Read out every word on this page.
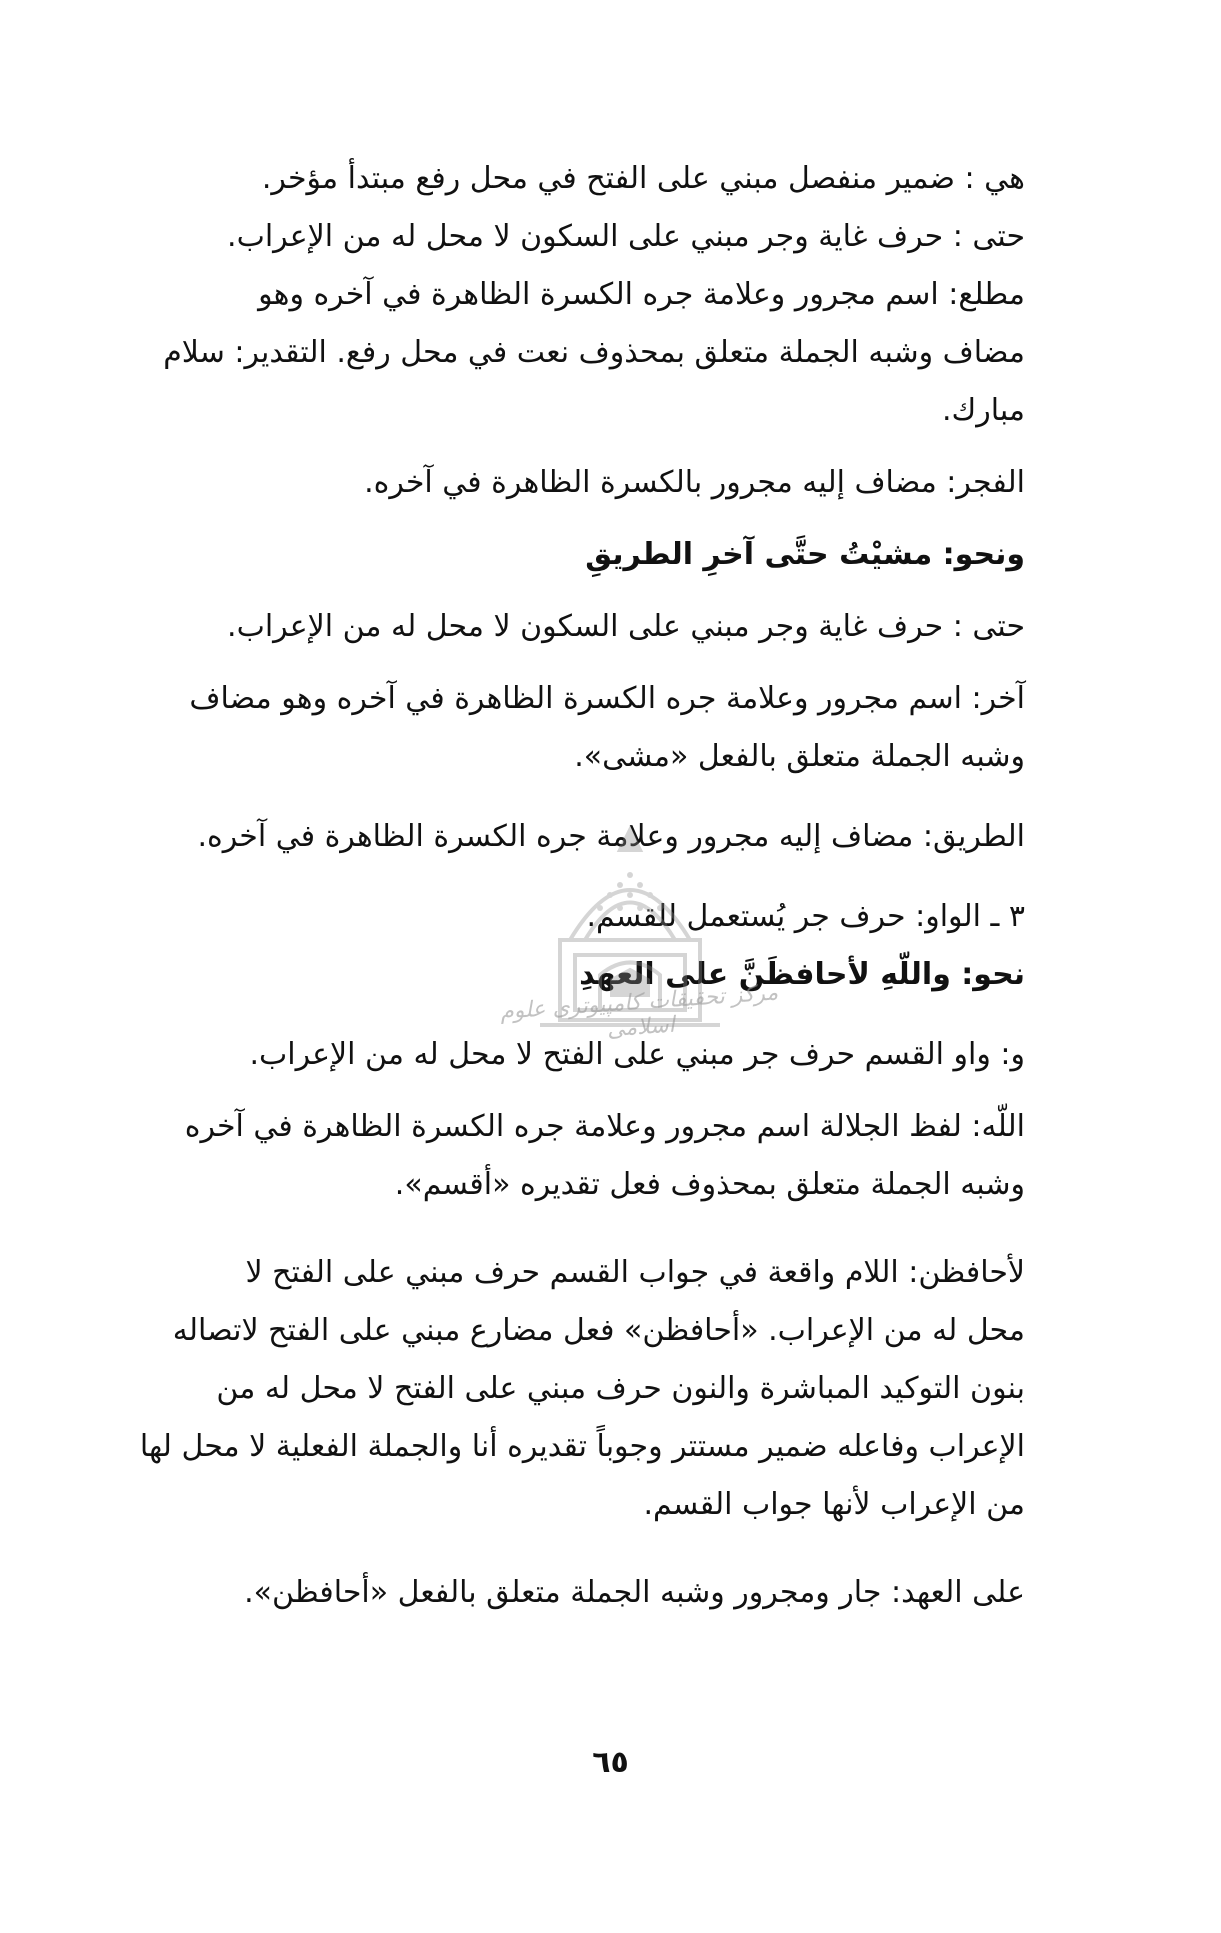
هي : ضمير منفصل مبني على الفتح في محل رفع مبتدأ مؤخر.

حتى : حرف غاية وجر مبني على السكون لا محل له من الإعراب.

مطلع: اسم مجرور وعلامة جره الكسرة الظاهرة في آخره وهو
مضاف وشبه الجملة متعلق بمحذوف نعت في محل رفع. التقدير: سلام
مبارك.

الفجر: مضاف إليه مجرور بالكسرة الظاهرة في آخره.

ونحو: مشيْتُ حتَّى آخرِ الطريقِ

حتى : حرف غاية وجر مبني على السكون لا محل له من الإعراب.

آخر: اسم مجرور وعلامة جره الكسرة الظاهرة في آخره وهو مضاف
وشبه الجملة متعلق بالفعل «مشى».

الطريق: مضاف إليه مجرور وعلامة جره الكسرة الظاهرة في آخره.

٣ ـ الواو: حرف جر يُستعمل للقسم.

نحو: واللّهِ لأحافظَنَّ على العهدِ

و: واو القسم حرف جر مبني على الفتح لا محل له من الإعراب.

اللّه: لفظ الجلالة اسم مجرور وعلامة جره الكسرة الظاهرة في آخره
وشبه الجملة متعلق بمحذوف فعل تقديره «أقسم».

لأحافظن: اللام واقعة في جواب القسم حرف مبني على الفتح لا
محل له من الإعراب. «أحافظن» فعل مضارع مبني على الفتح لاتصاله
بنون التوكيد المباشرة والنون حرف مبني على الفتح لا محل له من
الإعراب وفاعله ضمير مستتر وجوباً تقديره أنا والجملة الفعلية لا محل لها
من الإعراب لأنها جواب القسم.

على العهد: جار ومجرور وشبه الجملة متعلق بالفعل «أحافظن».

مركز تحقيقات كامپيوترى علوم اسلامى
٦٥
